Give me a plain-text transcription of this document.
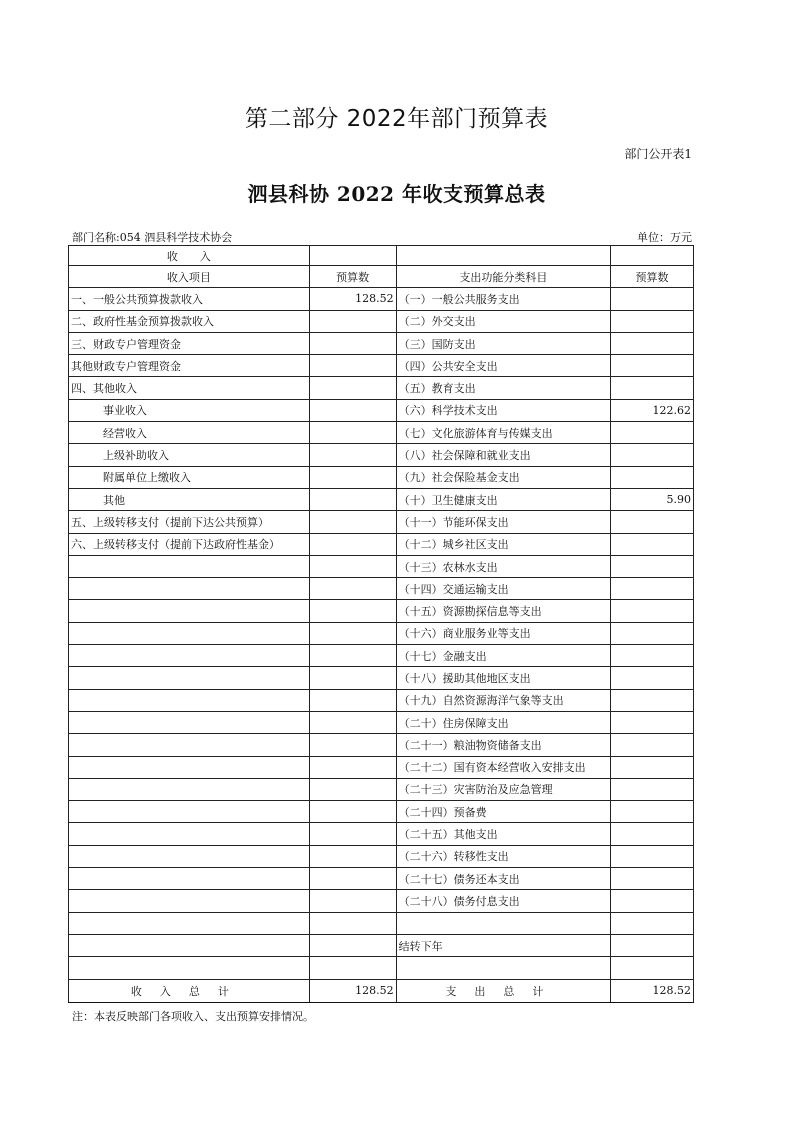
第二部分 2022年部门预算表
部门公开表1
泗县科协 2022 年收支预算总表
部门名称:054 泗县科学技术协会	单位：万元
收　　入			
收入项目	预算数	支出功能分类科目	预算数
一、一般公共预算拨款收入	128.52	（一）一般公共服务支出	
二、政府性基金预算拨款收入		（二）外交支出	
三、财政专户管理资金		（三）国防支出	
其他财政专户管理资金		（四）公共安全支出	
四、其他收入		（五）教育支出	
事业收入		（六）科学技术支出	122.62
经营收入		（七）文化旅游体育与传媒支出	
上级补助收入		（八）社会保障和就业支出	
附属单位上缴收入		（九）社会保险基金支出	
其他		（十）卫生健康支出	5.90
五、上级转移支付（提前下达公共预算）		（十一）节能环保支出	
六、上级转移支付（提前下达政府性基金）		（十二）城乡社区支出	
		（十三）农林水支出	
		（十四）交通运输支出	
		（十五）资源勘探信息等支出	
		（十六）商业服务业等支出	
		（十七）金融支出	
		（十八）援助其他地区支出	
		（十九）自然资源海洋气象等支出	
		（二十）住房保障支出	
		（二十一）粮油物资储备支出	
		（二十二）国有资本经营收入安排支出	
		（二十三）灾害防治及应急管理	
		（二十四）预备费	
		（二十五）其他支出	
		（二十六）转移性支出	
		（二十七）债务还本支出	
		（二十八）债务付息支出	

		结转下年	

收入总计	128.52	支出总计	128.52
注：本表反映部门各项收入、支出预算安排情况。
